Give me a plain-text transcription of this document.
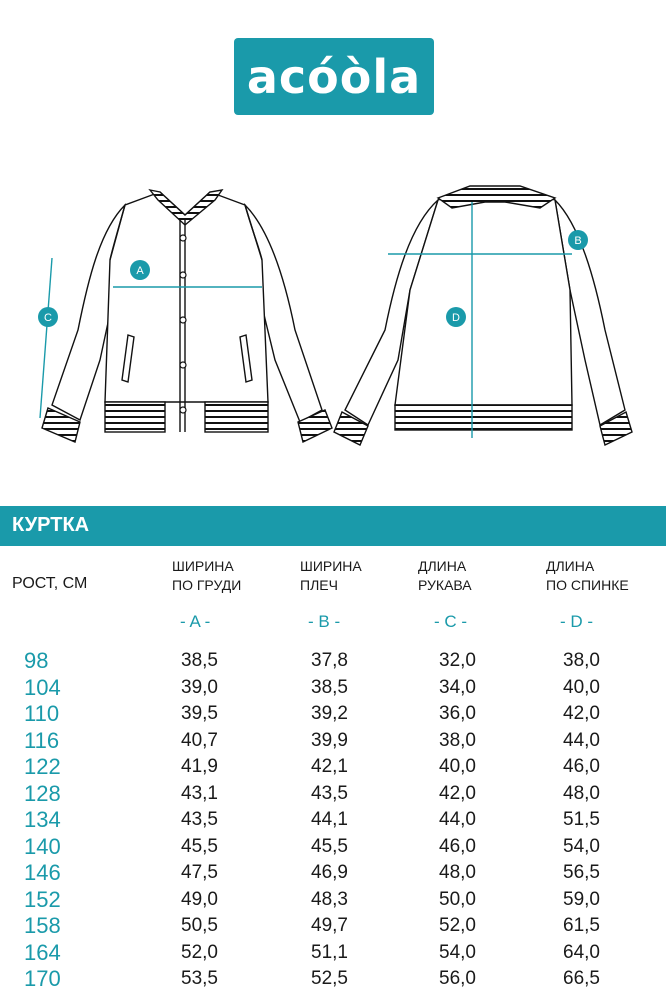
acóòla
A
B
C	D
КУРТКА
РОСТ, СМ
ШИРИНА
ПО ГРУДИ
ШИРИНА
ПЛЕЧ
ДЛИНА
РУКАВА
ДЛИНА
ПО СПИНКЕ
- A -	- B -	- C -	- D -
98	38,5	37,8	32,0	38,0
104	39,0	38,5	34,0	40,0
110	39,5	39,2	36,0	42,0
116	40,7	39,9	38,0	44,0
122	41,9	42,1	40,0	46,0
128	43,1	43,5	42,0	48,0
134	43,5	44,1	44,0	51,5
140	45,5	45,5	46,0	54,0
146	47,5	46,9	48,0	56,5
152	49,0	48,3	50,0	59,0
158	50,5	49,7	52,0	61,5
164	52,0	51,1	54,0	64,0
170	53,5	52,5	56,0	66,5
